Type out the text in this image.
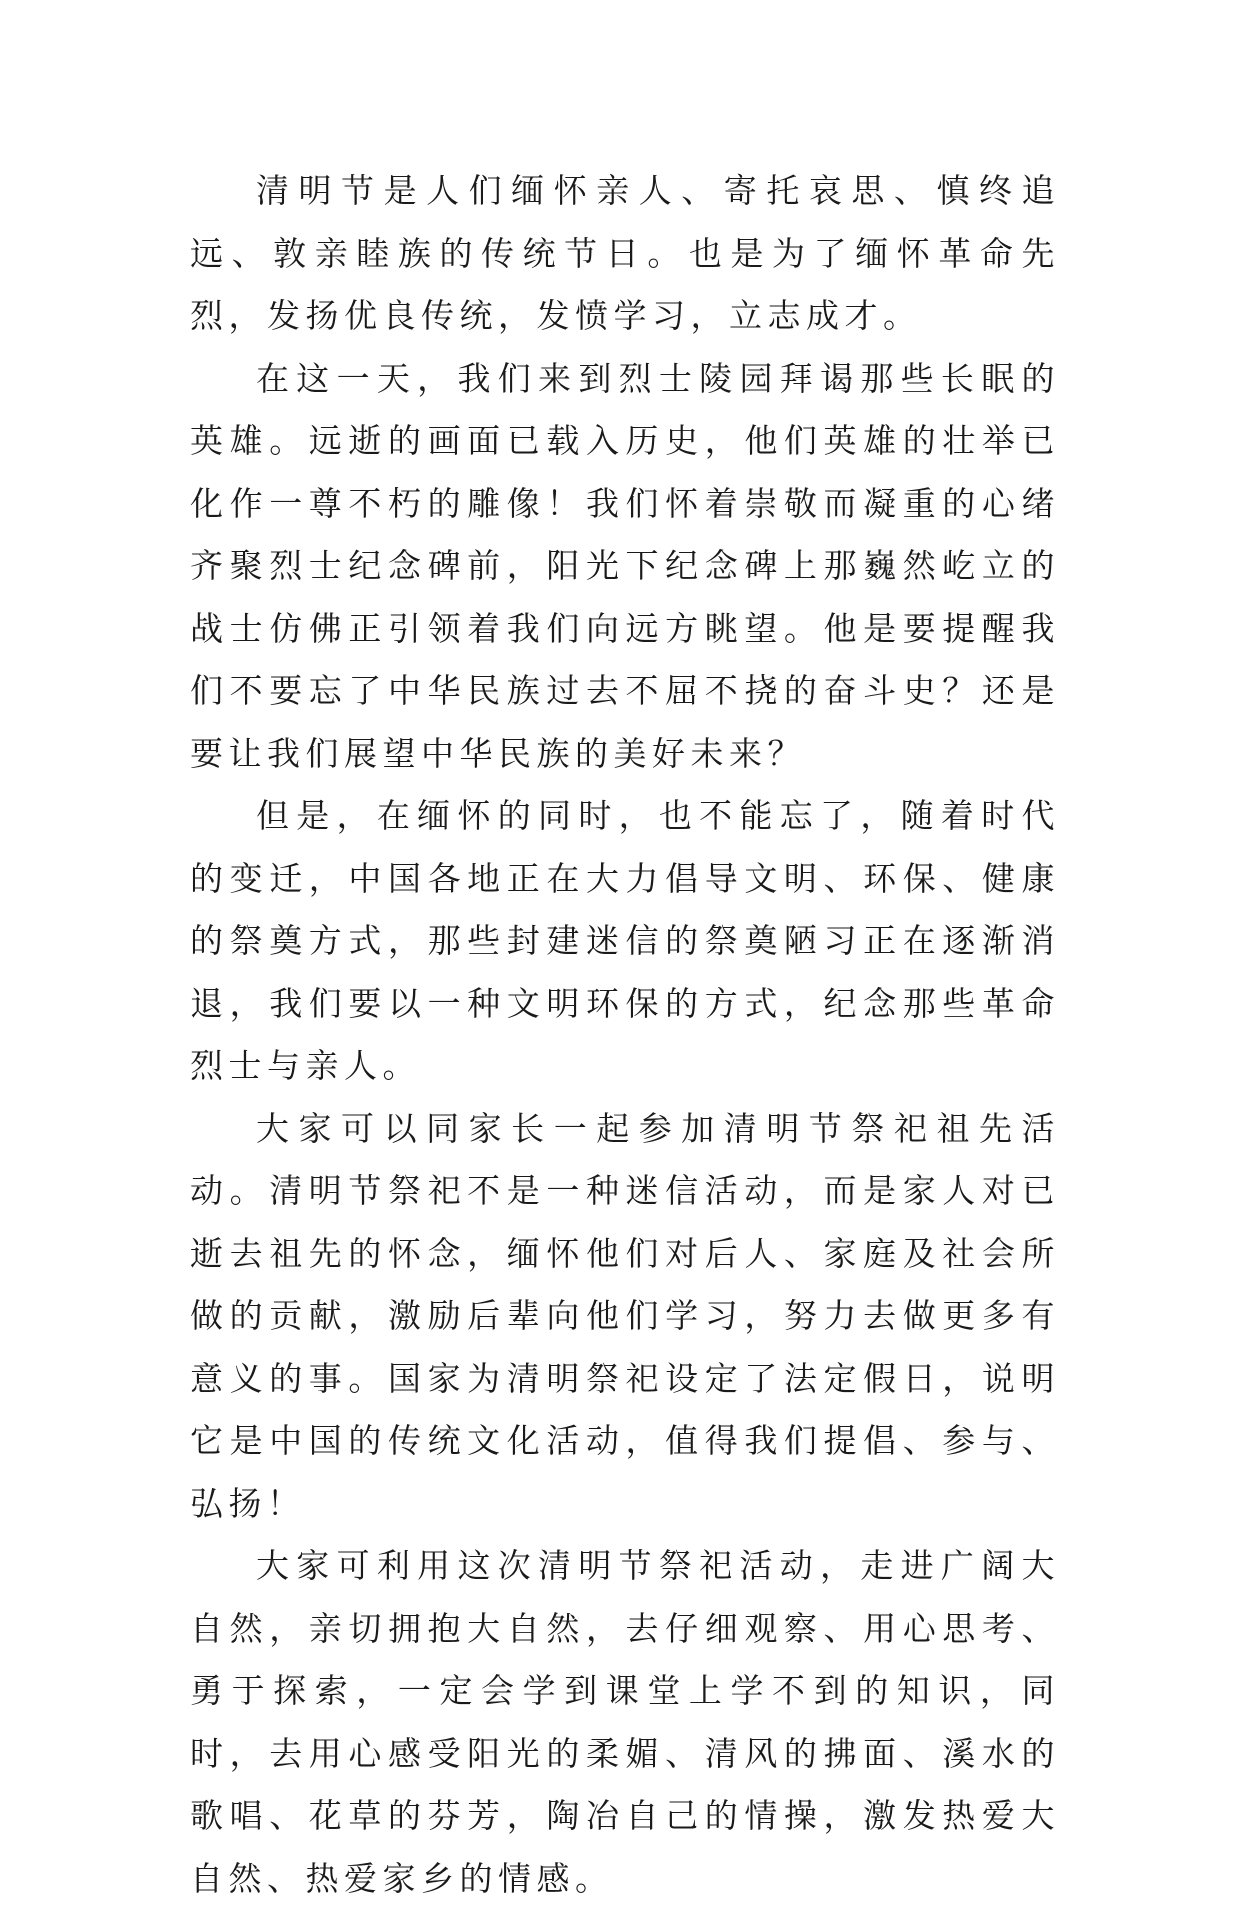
清明节是人们缅怀亲人、寄托哀思、慎终追远、敦亲睦族的传统节日。也是为了缅怀革命先烈，发扬优良传统，发愤学习，立志成才。

在这一天，我们来到烈士陵园拜谒那些长眠的英雄。远逝的画面已载入历史，他们英雄的壮举已化作一尊不朽的雕像！我们怀着崇敬而凝重的心绪齐聚烈士纪念碑前，阳光下纪念碑上那巍然屹立的战士仿佛正引领着我们向远方眺望。他是要提醒我们不要忘了中华民族过去不屈不挠的奋斗史？还是要让我们展望中华民族的美好未来？

但是，在缅怀的同时，也不能忘了，随着时代的变迁，中国各地正在大力倡导文明、环保、健康的祭奠方式，那些封建迷信的祭奠陋习正在逐渐消退，我们要以一种文明环保的方式，纪念那些革命烈士与亲人。

大家可以同家长一起参加清明节祭祀祖先活动。清明节祭祀不是一种迷信活动，而是家人对已逝去祖先的怀念，缅怀他们对后人、家庭及社会所做的贡献，激励后辈向他们学习，努力去做更多有意义的事。国家为清明祭祀设定了法定假日，说明它是中国的传统文化活动，值得我们提倡、参与、弘扬！

大家可利用这次清明节祭祀活动，走进广阔大自然，亲切拥抱大自然，去仔细观察、用心思考、勇于探索，一定会学到课堂上学不到的知识，同时，去用心感受阳光的柔媚、清风的拂面、溪水的歌唱、花草的芬芳，陶冶自己的情操，激发热爱大自然、热爱家乡的情感。
